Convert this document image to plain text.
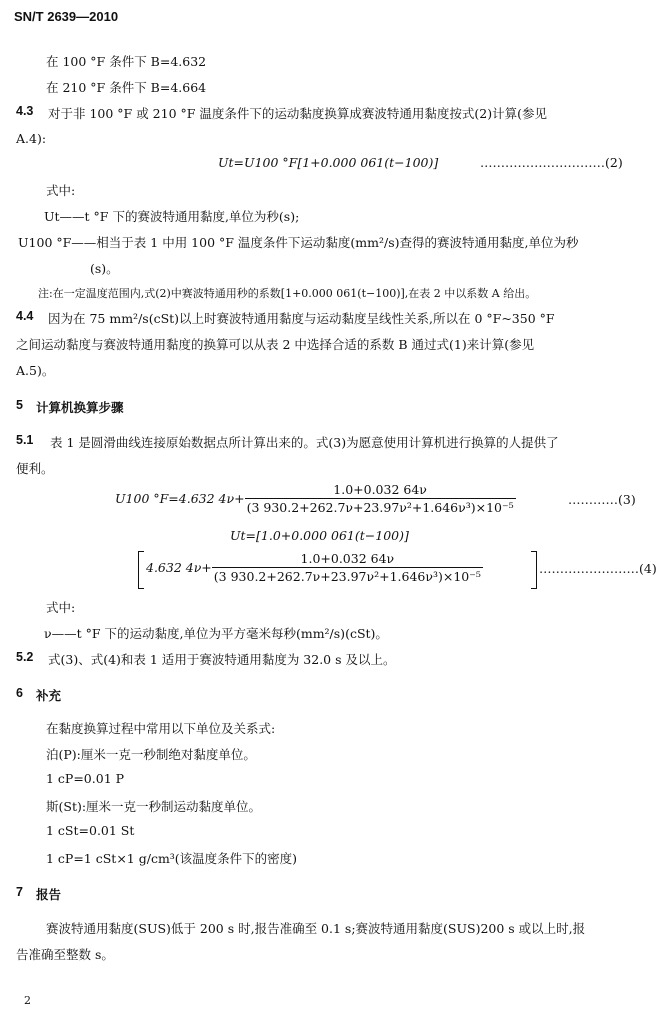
SN/T 2639—2010
在 100 °F 条件下 B=4.632
在 210 °F 条件下 B=4.664
4.3 对于非 100 °F 或 210 °F 温度条件下的运动黏度换算成赛波特通用黏度按式(2)计算(参见
A.4):
Ut=U100 °F[1+0.000 061(t−100)]	…………………………(2)
式中:
Ut——t °F 下的赛波特通用黏度,单位为秒(s);
U100 °F——相当于表 1 中用 100 °F 温度条件下运动黏度(mm²/s)查得的赛波特通用黏度,单位为秒
(s)。
注:在一定温度范围内,式(2)中赛波特通用秒的系数[1+0.000 061(t−100)],在表 2 中以系数 A 给出。
4.4 因为在 75 mm²/s(cSt)以上时赛波特通用黏度与运动黏度呈线性关系,所以在 0 °F~350 °F
之间运动黏度与赛波特通用黏度的换算可以从表 2 中选择合适的系数 B 通过式(1)来计算(参见
A.5)。
5 计算机换算步骤
5.1 表 1 是圆滑曲线连接原始数据点所计算出来的。式(3)为愿意使用计算机进行换算的人提供了
便利。
U100 °F=4.632 $4\nu+ \frac{1.0+0.032 64\nu}{\text{(3 930.2+262.7ν+23.97ν²+1.646ν³)×10⁻⁵}}$	…………(3)
Ut=[1.0+0.000 061(t−100)]
4.632 $4\nu+ \frac{1.0+0.032 64\nu}{\text{(3 930.2+262.7ν+23.97ν²+1.646ν³)×10⁻⁵}}$	……………………(4)
式中:
ν——t °F 下的运动黏度,单位为平方毫米每秒(mm²/s)(cSt)。
5.2 式(3)、式(4)和表 1 适用于赛波特通用黏度为 32.0 s 及以上。
6 补充
在黏度换算过程中常用以下单位及关系式:
泊(P):厘米一克一秒制绝对黏度单位。
1 cP=0.01 P
斯(St):厘米一克一秒制运动黏度单位。
1 cSt=0.01 St
1 cP=1 cSt×1 g/cm³(该温度条件下的密度)
7 报告
赛波特通用黏度(SUS)低于 200 s 时,报告准确至 0.1 s;赛波特通用黏度(SUS)200 s 或以上时,报
告准确至整数 s。
2
